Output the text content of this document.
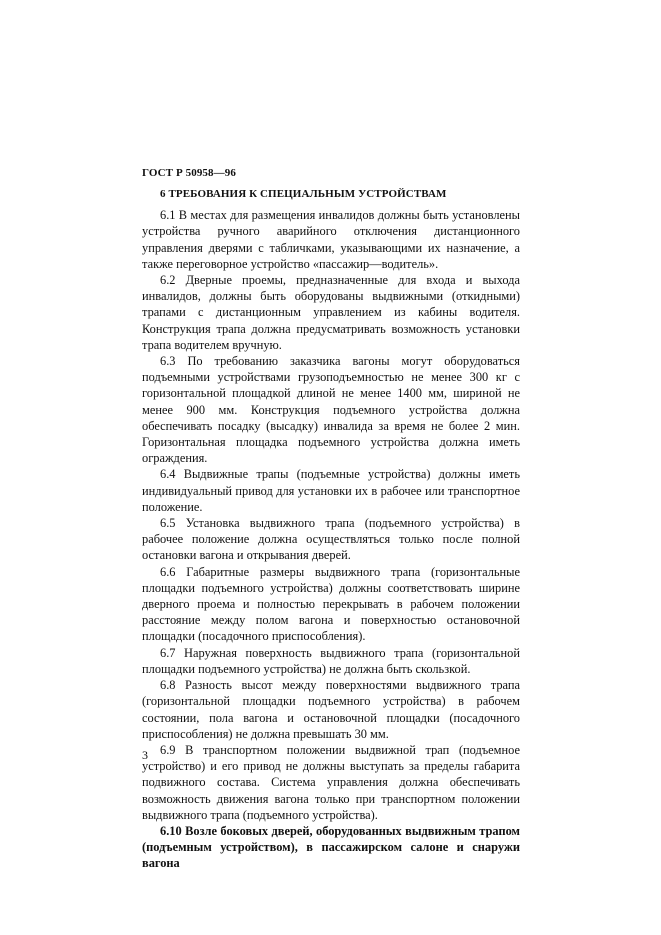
ГОСТ Р 50958—96
6 ТРЕБОВАНИЯ К СПЕЦИАЛЬНЫМ УСТРОЙСТВАМ

6.1 В местах для размещения инвалидов должны быть установлены устройства ручного аварийного отключения дистанционного управления дверями с табличками, указывающими их назначение, а также переговорное устройство «пассажир—водитель».

6.2 Дверные проемы, предназначенные для входа и выхода инвалидов, должны быть оборудованы выдвижными (откидными) трапами с дистанционным управлением из кабины водителя. Конструкция трапа должна предусматривать возможность установки трапа водителем вручную.

6.3 По требованию заказчика вагоны могут оборудоваться подъемными устройствами грузоподъемностью не менее 300 кг с горизонтальной площадкой длиной не менее 1400 мм, шириной не менее 900 мм. Конструкция подъемного устройства должна обеспечивать посадку (высадку) инвалида за время не более 2 мин. Горизонтальная площадка подъемного устройства должна иметь ограждения.

6.4 Выдвижные трапы (подъемные устройства) должны иметь индивидуальный привод для установки их в рабочее или транспортное положение.

6.5 Установка выдвижного трапа (подъемного устройства) в рабочее положение должна осуществляться только после полной остановки вагона и открывания дверей.

6.6 Габаритные размеры выдвижного трапа (горизонтальные площадки подъемного устройства) должны соответствовать ширине дверного проема и полностью перекрывать в рабочем положении расстояние между полом вагона и поверхностью остановочной площадки (посадочного приспособления).

6.7 Наружная поверхность выдвижного трапа (горизонтальной площадки подъемного устройства) не должна быть скользкой.

6.8 Разность высот между поверхностями выдвижного трапа (горизонтальной площадки подъемного устройства) в рабочем состоянии, пола вагона и остановочной площадки (посадочного приспособления) не должна превышать 30 мм.

6.9 В транспортном положении выдвижной трап (подъемное устройство) и его привод не должны выступать за пределы габарита подвижного состава. Система управления должна обеспечивать возможность движения вагона только при транспортном положении выдвижного трапа (подъемного устройства).

6.10 Возле боковых дверей, оборудованных выдвижным трапом (подъемным устройством), в пассажирском салоне и снаружи вагона

3
